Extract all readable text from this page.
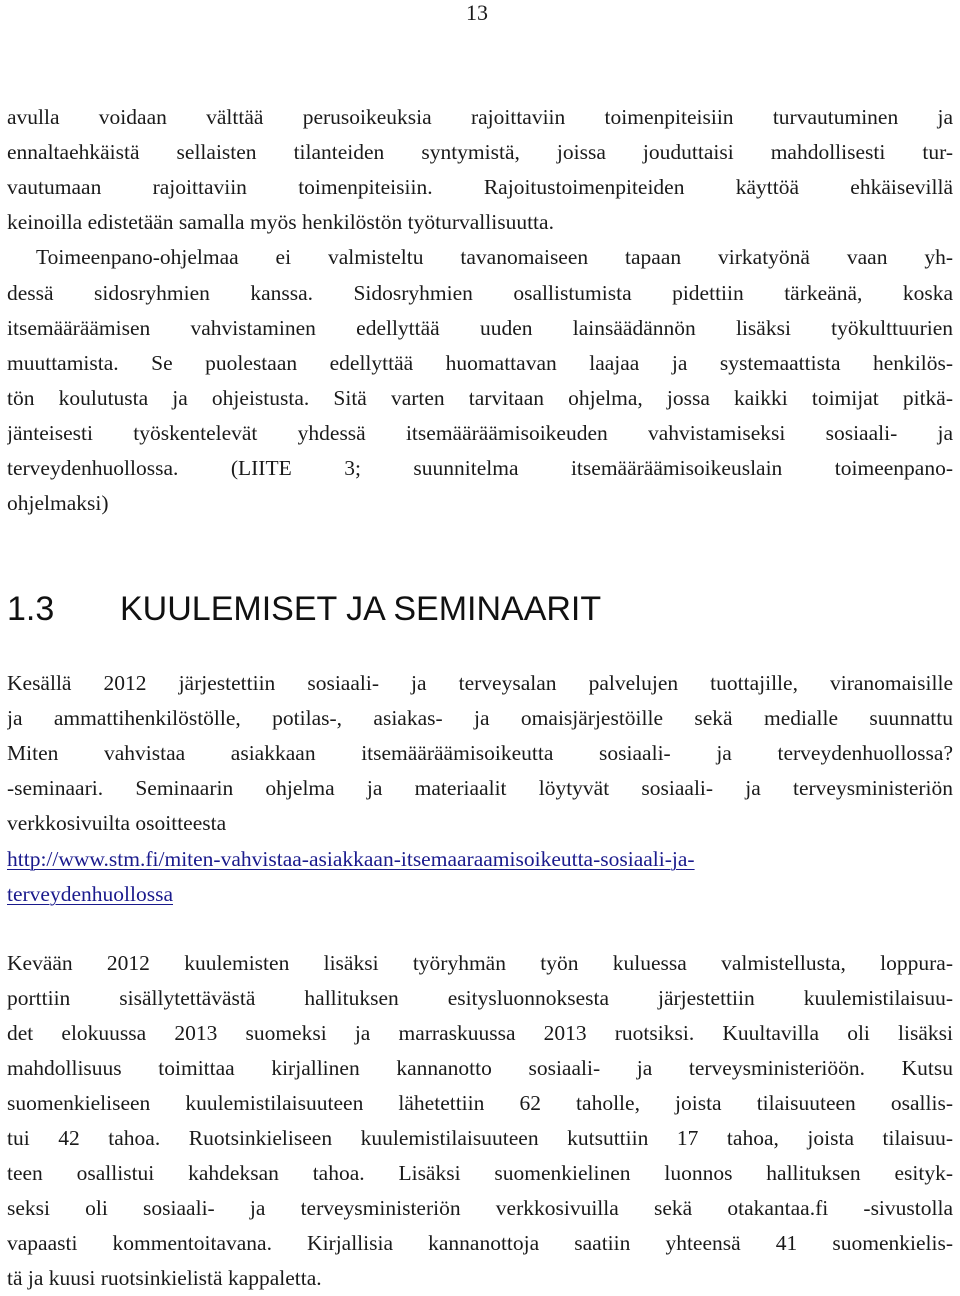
13
avulla voidaan välttää perusoikeuksia rajoittaviin toimenpiteisiin turvautuminen ja
ennaltaehkäistä sellaisten tilanteiden syntymistä, joissa jouduttaisi mahdollisesti tur-
vautumaan rajoittaviin toimenpiteisiin. Rajoitustoimenpiteiden käyttöä ehkäisevillä
keinoilla edistetään samalla myös henkilöstön työturvallisuutta.
Toimeenpano-ohjelmaa ei valmisteltu tavanomaiseen tapaan virkatyönä vaan yh-
dessä sidosryhmien kanssa. Sidosryhmien osallistumista pidettiin tärkeänä, koska
itsemääräämisen vahvistaminen edellyttää uuden lainsäädännön lisäksi työkulttuurien
muuttamista. Se puolestaan edellyttää huomattavan laajaa ja systemaattista henkilös-
tön koulutusta ja ohjeistusta. Sitä varten tarvitaan ohjelma, jossa kaikki toimijat pitkä-
jänteisesti työskentelevät yhdessä itsemääräämisoikeuden vahvistamiseksi sosiaali- ja
terveydenhuollossa. (LIITE 3; suunnitelma itsemääräämisoikeuslain toimeenpano-
ohjelmaksi)
1.3 KUULEMISET JA SEMINAARIT
Kesällä 2012 järjestettiin sosiaali- ja terveysalan palvelujen tuottajille, viranomaisille
ja ammattihenkilöstölle, potilas-, asiakas- ja omaisjärjestöille sekä medialle suunnattu
Miten vahvistaa asiakkaan itsemääräämisoikeutta sosiaali- ja terveydenhuollossa?
-seminaari. Seminaarin ohjelma ja materiaalit löytyvät sosiaali- ja terveysministeriön
verkkosivuilta osoitteesta
http://www.stm.fi/miten-vahvistaa-asiakkaan-itsemaaraamisoikeutta-sosiaali-ja-
terveydenhuollossa
Kevään 2012 kuulemisten lisäksi työryhmän työn kuluessa valmistellusta, loppura-
porttiin sisällytettävästä hallituksen esitysluonnoksesta järjestettiin kuulemistilaisuu-
det elokuussa 2013 suomeksi ja marraskuussa 2013 ruotsiksi. Kuultavilla oli lisäksi
mahdollisuus toimittaa kirjallinen kannanotto sosiaali- ja terveysministeriöön. Kutsu
suomenkieliseen kuulemistilaisuuteen lähetettiin 62 taholle, joista tilaisuuteen osallis-
tui 42 tahoa. Ruotsinkieliseen kuulemistilaisuuteen kutsuttiin 17 tahoa, joista tilaisuu-
teen osallistui kahdeksan tahoa. Lisäksi suomenkielinen luonnos hallituksen esityk-
seksi oli sosiaali- ja terveysministeriön verkkosivuilla sekä otakantaa.fi -sivustolla
vapaasti kommentoitavana. Kirjallisia kannanottoja saatiin yhteensä 41 suomenkielis-
tä ja kuusi ruotsinkielistä kappaletta.
